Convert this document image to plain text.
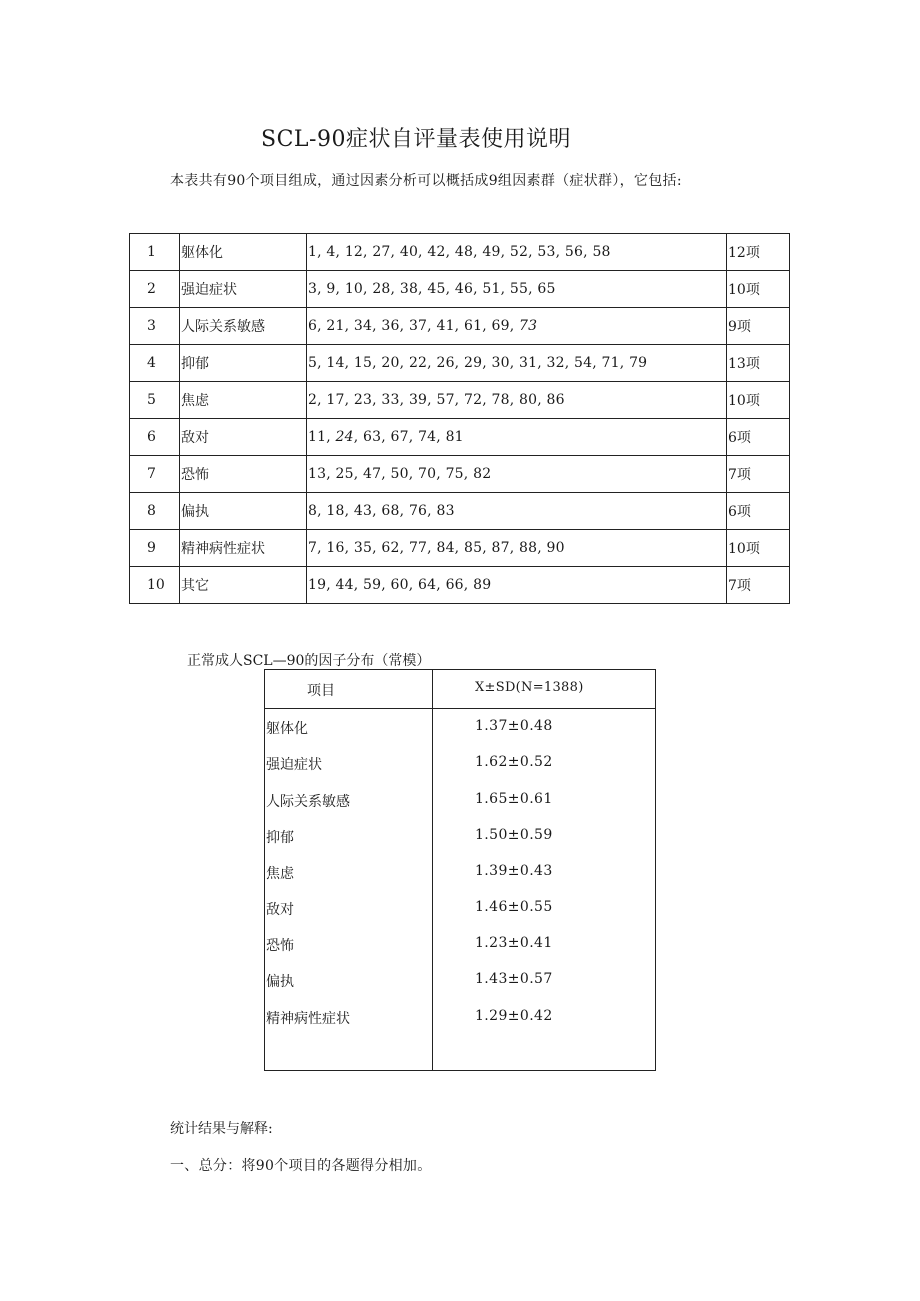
SCL-90症状自评量表使用说明
本表共有90个项目组成，通过因素分析可以概括成9组因素群（症状群），它包括:
1	躯体化	1, 4, 12, 27, 40, 42, 48, 49, 52, 53, 56, 58	12项
2	强迫症状	3, 9, 10, 28, 38, 45, 46, 51, 55, 65	10项
3	人际关系敏感	6, 21, 34, 36, 37, 41, 61, 69, 73	9项
4	抑郁	5, 14, 15, 20, 22, 26, 29, 30, 31, 32, 54, 71, 79	13项
5	焦虑	2, 17, 23, 33, 39, 57, 72, 78, 80, 86	10项
6	敌对	11, 24, 63, 67, 74, 81	6项
7	恐怖	13, 25, 47, 50, 70, 75, 82	7项
8	偏执	8, 18, 43, 68, 76, 83	6项
9	精神病性症状	7, 16, 35, 62, 77, 84, 85, 87, 88, 90	10项
10	其它	19, 44, 59, 60, 64, 66, 89	7项
正常成人SCL—90的因子分布（常模）
项目	X±SD(N=1388)
躯体化	1.37±0.48
强迫症状	1.62±0.52
人际关系敏感	1.65±0.61
抑郁	1.50±0.59
焦虑	1.39±0.43
敌对	1.46±0.55
恐怖	1.23±0.41
偏执	1.43±0.57
精神病性症状	1.29±0.42
统计结果与解释:
一、总分：将90个项目的各题得分相加。
